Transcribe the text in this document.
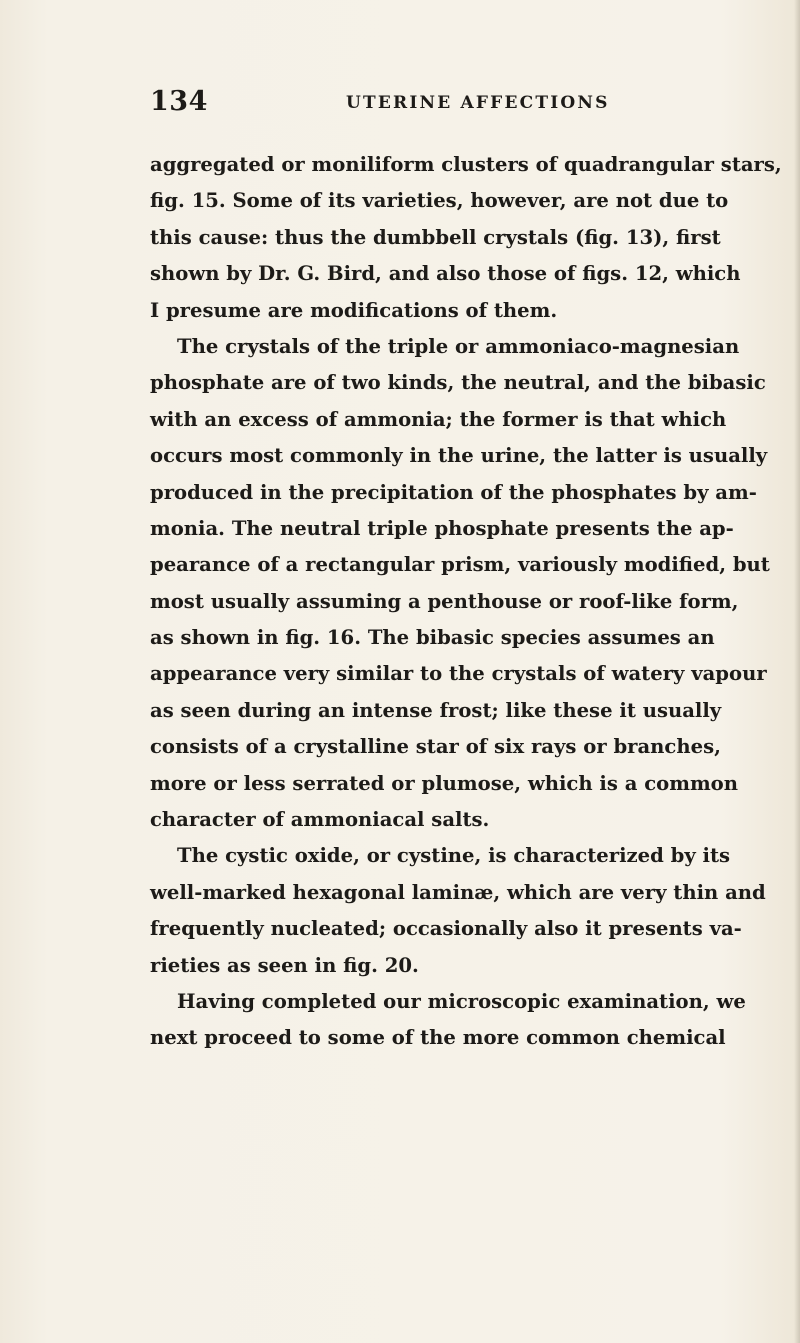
134	UTERINE AFFECTIONS
aggregated or moniliform clusters of quadrangular stars,
fig. 15. Some of its varieties, however, are not due to
this cause: thus the dumbbell crystals (fig. 13), first
shown by Dr. G. Bird, and also those of figs. 12, which
I presume are modifications of them.
The crystals of the triple or ammoniaco-magnesian
phosphate are of two kinds, the neutral, and the bibasic
with an excess of ammonia; the former is that which
occurs most commonly in the urine, the latter is usually
produced in the precipitation of the phosphates by am-
monia. The neutral triple phosphate presents the ap-
pearance of a rectangular prism, variously modified, but
most usually assuming a penthouse or roof-like form,
as shown in fig. 16. The bibasic species assumes an
appearance very similar to the crystals of watery vapour
as seen during an intense frost; like these it usually
consists of a crystalline star of six rays or branches,
more or less serrated or plumose, which is a common
character of ammoniacal salts.
The cystic oxide, or cystine, is characterized by its
well-marked hexagonal laminæ, which are very thin and
frequently nucleated; occasionally also it presents va-
rieties as seen in fig. 20.
Having completed our microscopic examination, we
next proceed to some of the more common chemical
